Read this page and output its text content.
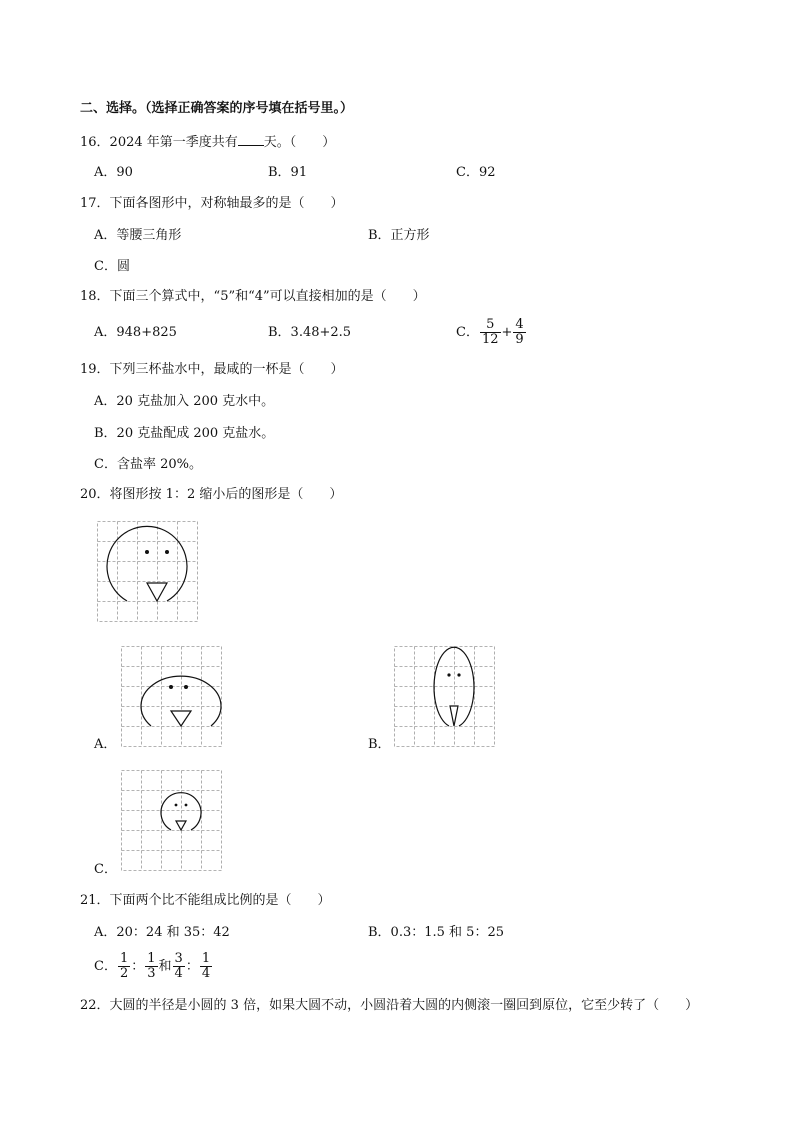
二、选择。（选择正确答案的序号填在括号里。）
16．2024 年第一季度共有 天。（　　）
A．90	B．91	C．92
17．下面各图形中，对称轴最多的是（　　）
A．等腰三角形	B．正方形
C．圆
18．下面三个算式中，“5”和“4”可以直接相加的是（　　）
A．948+825	B．3.48+2.5	C． $\frac{5}{12} + \frac{4}{9}$
19．下列三杯盐水中，最咸的一杯是（　　）
A．20 克盐加入 200 克水中。
B．20 克盐配成 200 克盐水。
C．含盐率 20%。
20．将图形按 1：2 缩小后的图形是（　　）
A．	B．
C．
21．下面两个比不能组成比例的是（　　）
A．20：24 和 35：42	B．0.3：1.5 和 5：25
C． $\frac{1}{2}$ ： $\frac{1}{3}$ 和 $\frac{3}{4}$ ： $\frac{1}{4}$
22．大圆的半径是小圆的 3 倍，如果大圆不动，小圆沿着大圆的内侧滚一圈回到原位，它至少转了（　　）
